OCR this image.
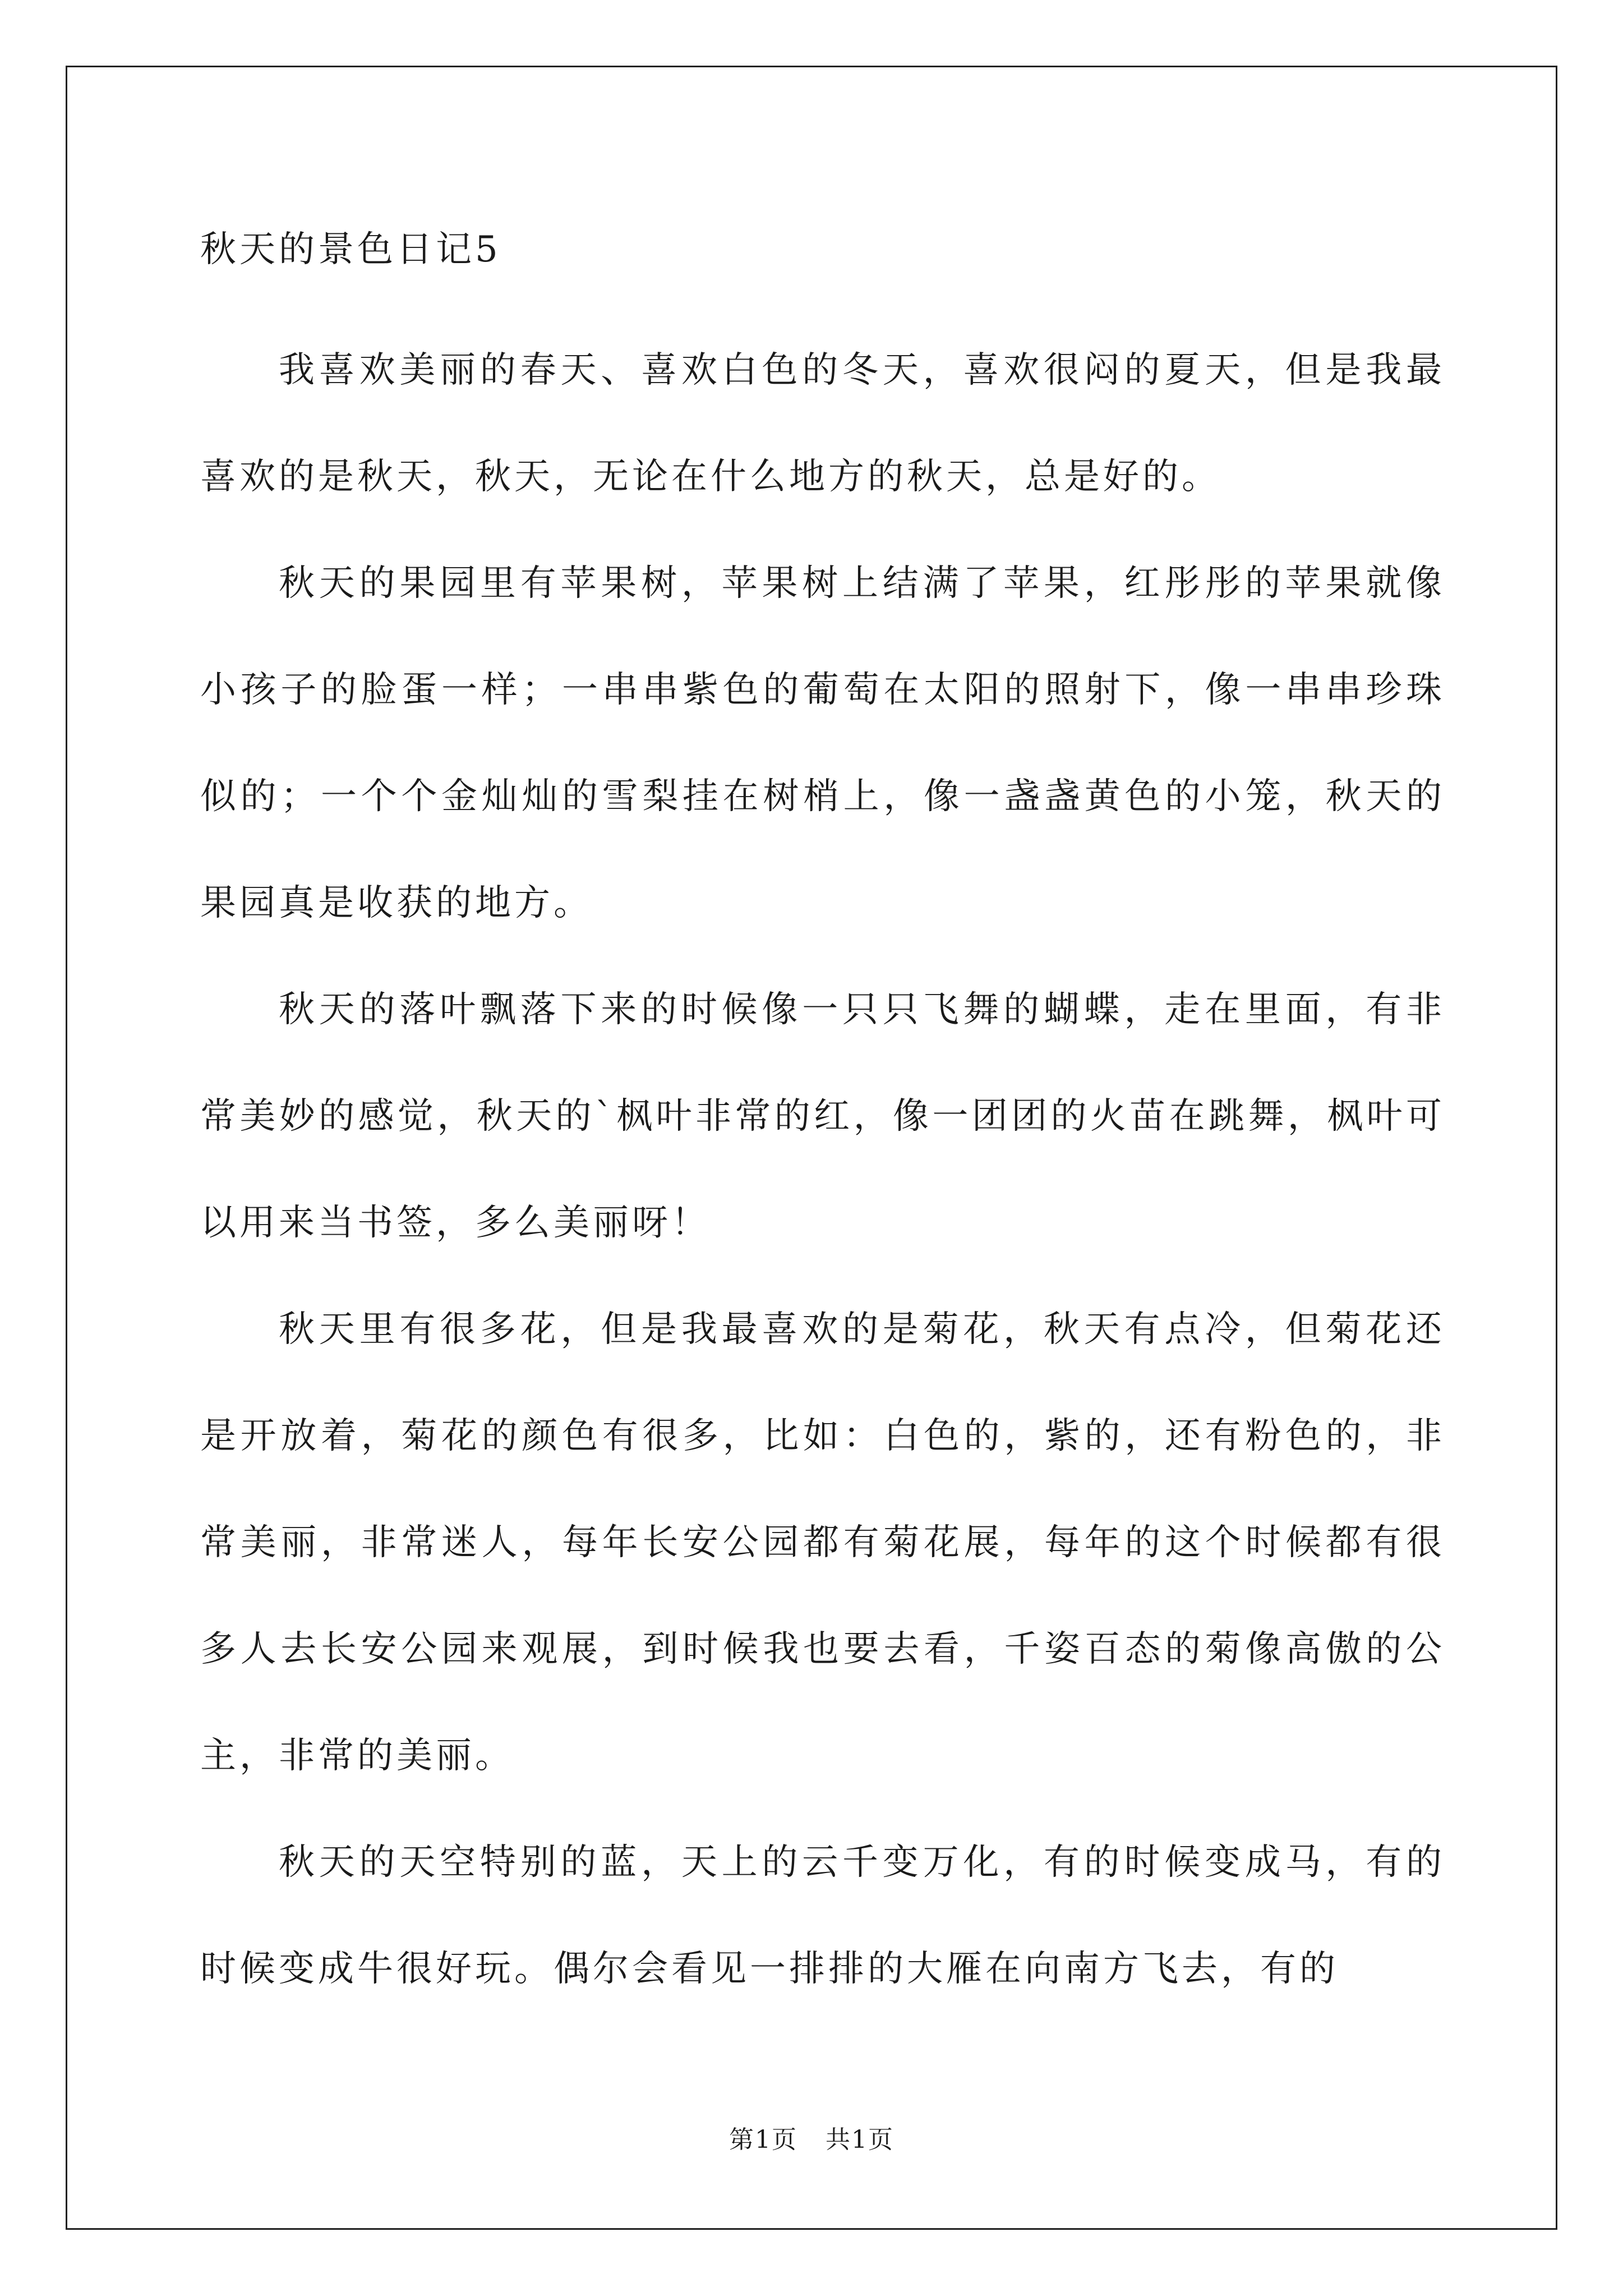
秋天的景色日记5

我喜欢美丽的春天、喜欢白色的冬天，喜欢很闷的夏天，但是我最喜欢的是秋天，秋天，无论在什么地方的秋天，总是好的。

秋天的果园里有苹果树，苹果树上结满了苹果，红彤彤的苹果就像小孩子的脸蛋一样；一串串紫色的葡萄在太阳的照射下，像一串串珍珠似的；一个个金灿灿的雪梨挂在树梢上，像一盏盏黄色的小笼，秋天的果园真是收获的地方。

秋天的落叶飘落下来的时候像一只只飞舞的蝴蝶，走在里面，有非常美妙的感觉，秋天的`枫叶非常的红，像一团团的火苗在跳舞，枫叶可以用来当书签，多么美丽呀！

秋天里有很多花，但是我最喜欢的是菊花，秋天有点冷，但菊花还是开放着，菊花的颜色有很多，比如：白色的，紫的，还有粉色的，非常美丽，非常迷人，每年长安公园都有菊花展，每年的这个时候都有很多人去长安公园来观展，到时候我也要去看，千姿百态的菊像高傲的公主，非常的美丽。

秋天的天空特别的蓝，天上的云千变万化，有的时候变成马，有的时候变成牛很好玩。偶尔会看见一排排的大雁在向南方飞去，有的

第1页 共1页
